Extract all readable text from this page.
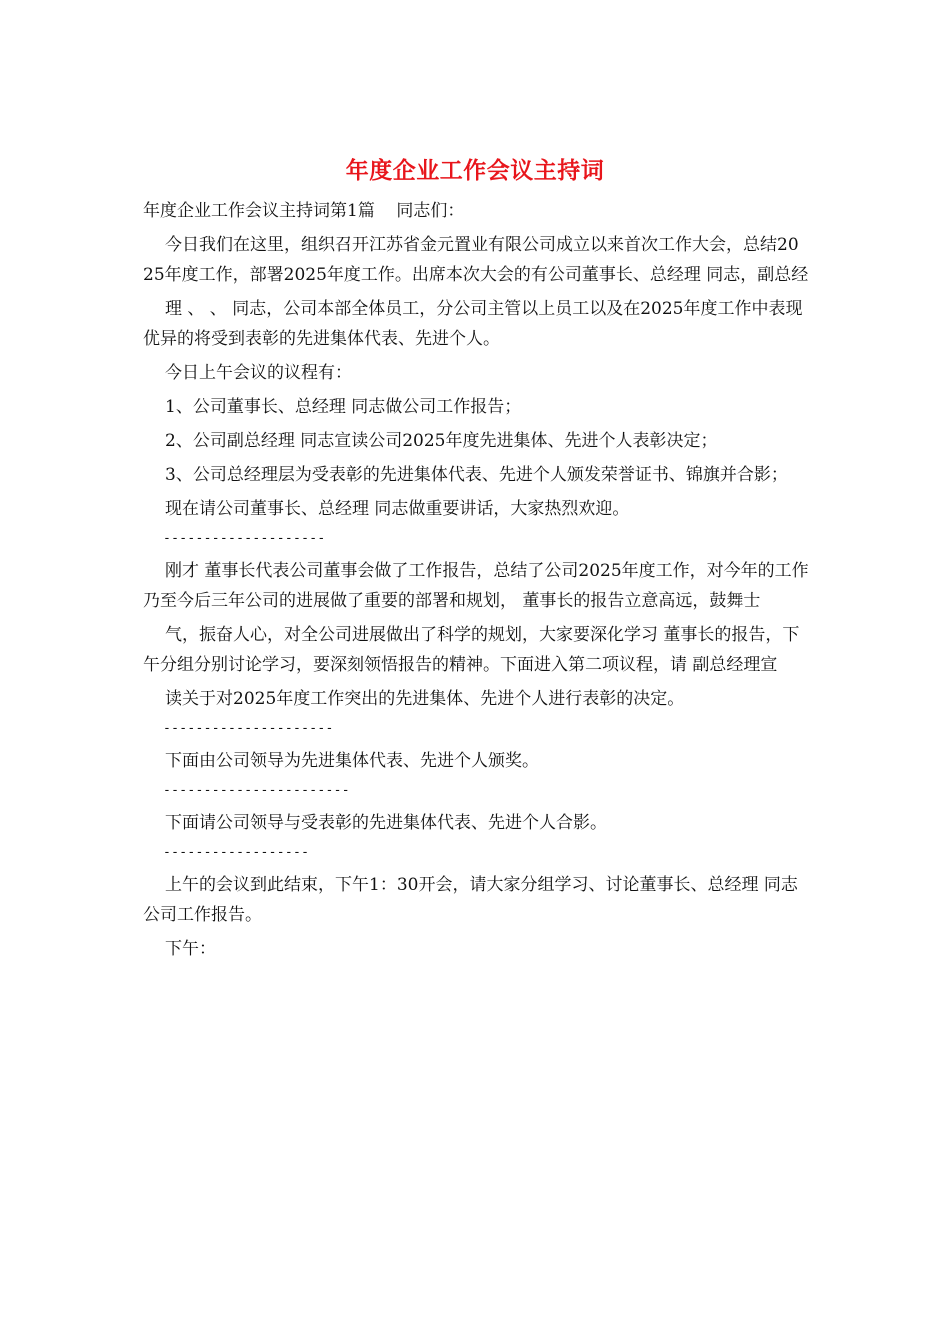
年度企业工作会议主持词

年度企业工作会议主持词第1篇    同志们：

今日我们在这里，组织召开江苏省金元置业有限公司成立以来首次工作大会，总结2025年度工作，部署2025年度工作。出席本次大会的有公司董事长、总经理 同志，副总经

理 、 、 同志，公司本部全体员工，分公司主管以上员工以及在2025年度工作中表现优异的将受到表彰的先进集体代表、先进个人。

今日上午会议的议程有：

1、公司董事长、总经理 同志做公司工作报告；

2、公司副总经理 同志宣读公司2025年度先进集体、先进个人表彰决定；

3、公司总经理层为受表彰的先进集体代表、先进个人颁发荣誉证书、锦旗并合影；

现在请公司董事长、总经理 同志做重要讲话，大家热烈欢迎。

--------------------

刚才 董事长代表公司董事会做了工作报告，总结了公司2025年度工作，对今年的工作乃至今后三年公司的进展做了重要的部署和规划， 董事长的报告立意高远，鼓舞士

气，振奋人心，对全公司进展做出了科学的规划，大家要深化学习 董事长的报告，下午分组分别讨论学习，要深刻领悟报告的精神。下面进入第二项议程，请 副总经理宣

读关于对2025年度工作突出的先进集体、先进个人进行表彰的决定。

---------------------

下面由公司领导为先进集体代表、先进个人颁奖。

-----------------------

下面请公司领导与受表彰的先进集体代表、先进个人合影。

------------------

上午的会议到此结束，下午1：30开会，请大家分组学习、讨论董事长、总经理 同志公司工作报告。

下午：
